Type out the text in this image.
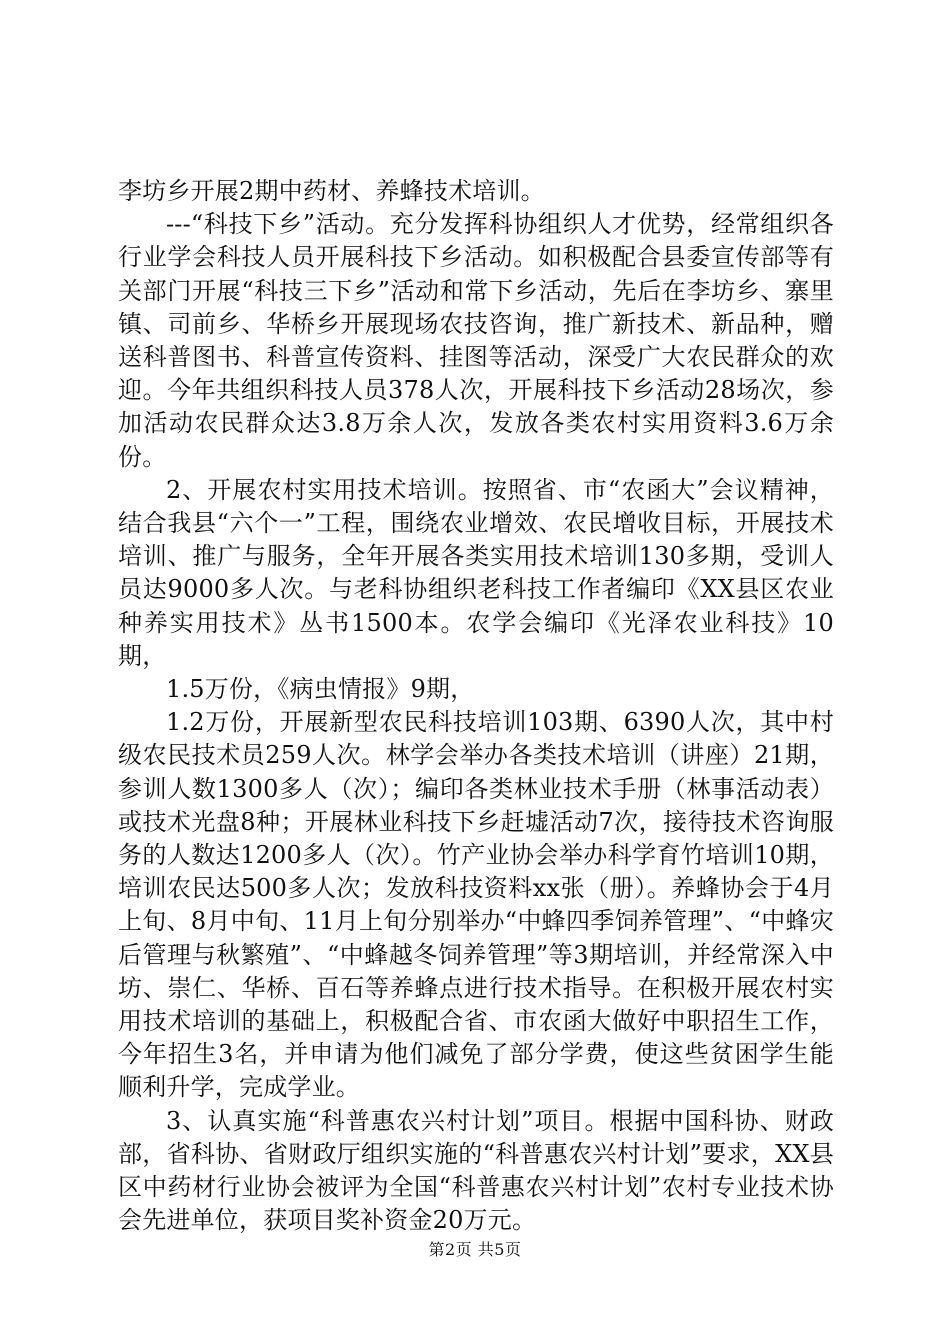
李坊乡开展2期中药材、养蜂技术培训。

---“科技下乡”活动。充分发挥科协组织人才优势，经常组织各行业学会科技人员开展科技下乡活动。如积极配合县委宣传部等有关部门开展“科技三下乡”活动和常下乡活动，先后在李坊乡、寨里镇、司前乡、华桥乡开展现场农技咨询，推广新技术、新品种，赠送科普图书、科普宣传资料、挂图等活动，深受广大农民群众的欢迎。今年共组织科技人员378人次，开展科技下乡活动28场次，参加活动农民群众达3.8万余人次，发放各类农村实用资料3.6万余份。

2、开展农村实用技术培训。按照省、市“农函大”会议精神，结合我县“六个一”工程，围绕农业增效、农民增收目标，开展技术培训、推广与服务，全年开展各类实用技术培训130多期，受训人员达9000多人次。与老科协组织老科技工作者编印《XX县区农业种养实用技术》丛书1500本。农学会编印《光泽农业科技》10期，

1.5万份，《病虫情报》9期，

1.2万份，开展新型农民科技培训103期、6390人次，其中村级农民技术员259人次。林学会举办各类技术培训（讲座）21期，参训人数1300多人（次）；编印各类林业技术手册（林事活动表）或技术光盘8种；开展林业科技下乡赶墟活动7次，接待技术咨询服务的人数达1200多人（次）。竹产业协会举办科学育竹培训10期，培训农民达500多人次；发放科技资料xx张（册）。养蜂协会于4月上旬、8月中旬、11月上旬分别举办“中蜂四季饲养管理”、“中蜂灾后管理与秋繁殖”、“中蜂越冬饲养管理”等3期培训，并经常深入中坊、崇仁、华桥、百石等养蜂点进行技术指导。在积极开展农村实用技术培训的基础上，积极配合省、市农函大做好中职招生工作，今年招生3名，并申请为他们减免了部分学费，使这些贫困学生能顺利升学，完成学业。

3、认真实施“科普惠农兴村计划”项目。根据中国科协、财政部，省科协、省财政厅组织实施的“科普惠农兴村计划”要求，XX县区中药材行业协会被评为全国“科普惠农兴村计划”农村专业技术协会先进单位，获项目奖补资金20万元。

第2页 共5页
